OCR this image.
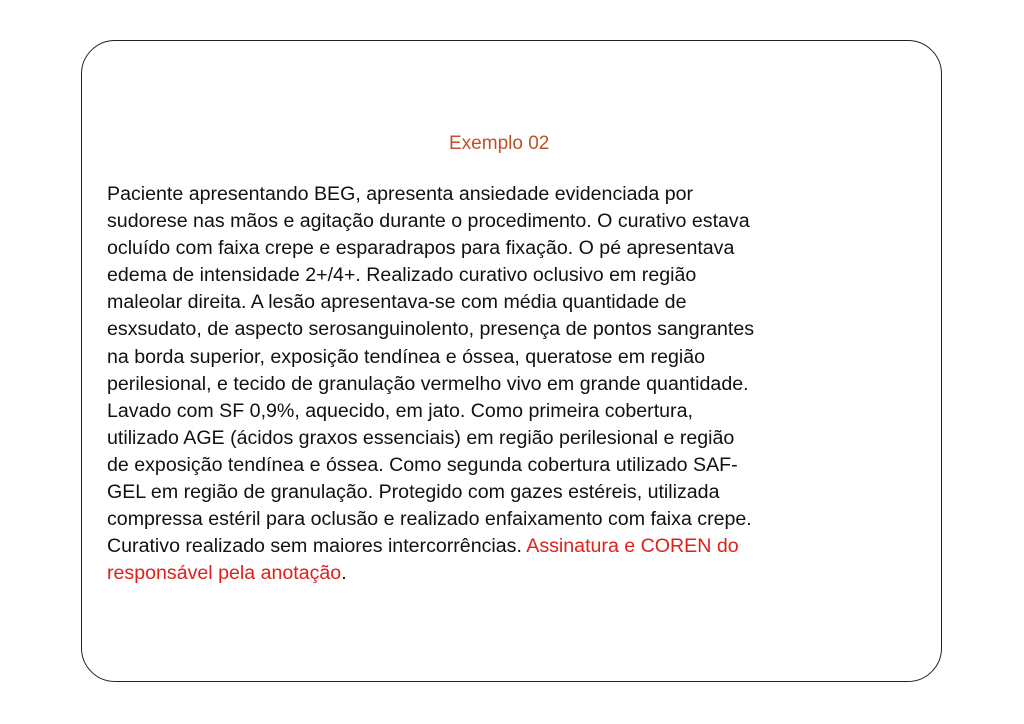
Exemplo 02

Paciente apresentando BEG, apresenta ansiedade evidenciada por
sudorese nas mãos e agitação durante o procedimento. O curativo estava
ocluído com faixa crepe e esparadrapos para fixação. O pé apresentava
edema de intensidade 2+/4+. Realizado curativo oclusivo em região
maleolar direita. A lesão apresentava-se com média quantidade de
esxsudato, de aspecto serosanguinolento, presença de pontos sangrantes
na borda superior, exposição tendínea e óssea, queratose em região
perilesional, e tecido de granulação vermelho vivo em grande quantidade.
Lavado com SF 0,9%, aquecido, em jato. Como primeira cobertura,
utilizado AGE (ácidos graxos essenciais) em região perilesional e região
de exposição tendínea e óssea. Como segunda cobertura utilizado SAF-
GEL em região de granulação. Protegido com gazes estéreis, utilizada
compressa estéril para oclusão e realizado enfaixamento com faixa crepe.
Curativo realizado sem maiores intercorrências. Assinatura e COREN do
responsável pela anotação.
